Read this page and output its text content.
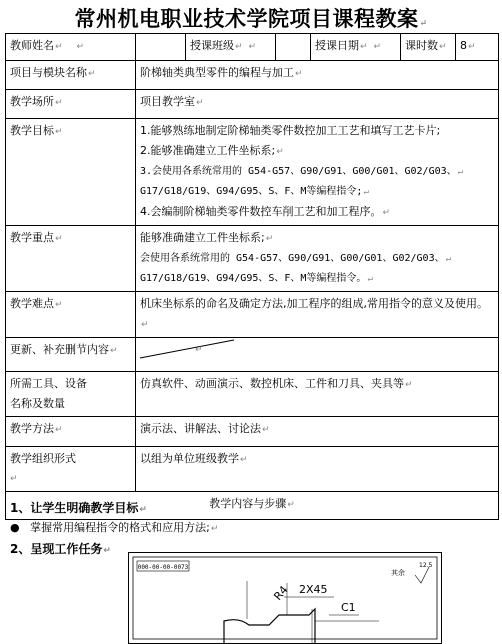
常州机电职业技术学院项目课程教案↵
教师姓名↵ ↵		授课班级↵ ↵		授课日期↵ ↵	课时数↵	8↵
项目与模块名称↵	阶梯轴类典型零件的编程与加工↵					
教学场所↵	项目教学室↵					
教学目标↵	1.能够熟练地制定阶梯轴类零件数控加工工艺和填写工艺卡片;
2.能够准确建立工件坐标系;↵
3.会使用各系统常用的 G54-G57、G90/G91、G00/G01、G02/G03、↵
G17/G18/G19、G94/G95、S、F、M等编程指令;↵
4.会编制阶梯轴类零件数控车削工艺和加工程序。↵					

教学重点↵	能够准确建立工件坐标系;↵
会使用各系统常用的 G54-G57、G90/G91、G00/G01、G02/G03、↵
G17/G18/G19、G94/G95、S、F、M等编程指令。↵					

教学难点↵	机床坐标系的命名及确定方法,加工程序的组成,常用指令的意义及使用。↵					
更新、补充删节内容↵	↵					

所需工具、设备
名称及数量	仿真软件、动画演示、数控机床、工件和刀具、夹具等↵					
教学方法↵	演示法、讲解法、讨论法↵					

教学组织形式
↵	以组为单位班级教学↵					
教学内容与步骤↵						
1、让学生明确教学目标↵
● 掌握常用编程指令的格式和应用方法;↵
2、呈现工作任务↵
000-00-00-0073
其余
12.5
R4 2X45
C1
